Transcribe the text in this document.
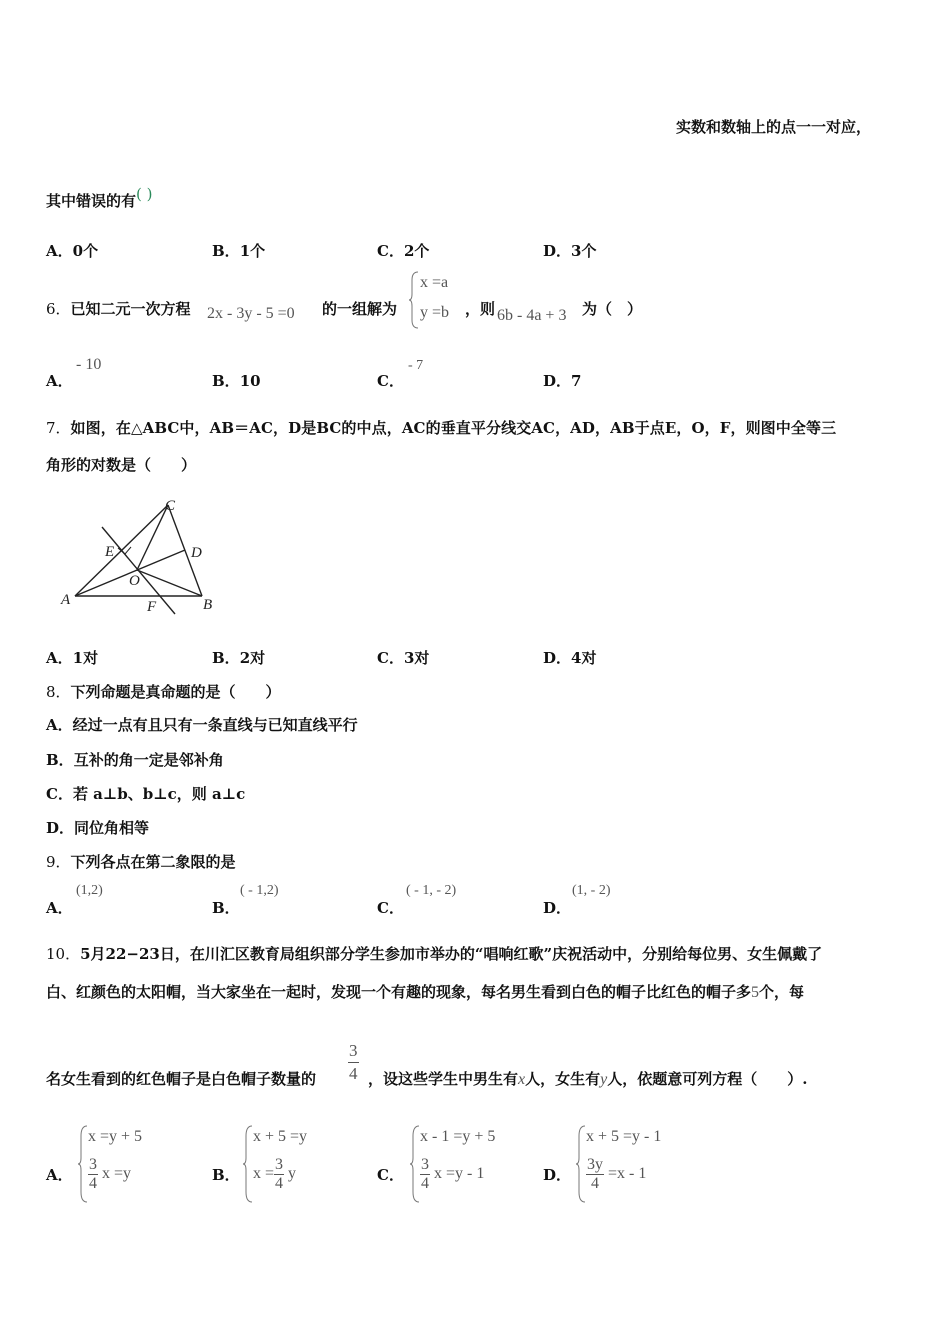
实数和数轴上的点一一对应，
其中错误的有( )
A．0个	B．1个	C．2个	D．3个
6．已知二元一次方程 2x - 3y - 5 =0 的一组解为
x =a
y =b ，则 6b - 4a + 3 为（　）
A．
- 10
B．10	C．
- 7
D．7
7．如图，在△ABC中，AB＝AC，D是BC的中点，AC的垂直平分线交AC，AD，AB于点E，O，F，则图中全等三
角形的对数是（　　）
A	B
C
D
E
O
F
A．1对	B．2对	C．3对	D．4对
8．下列命题是真命题的是（　　）
A．经过一点有且只有一条直线与已知直线平行
B．互补的角一定是邻补角
C．若 a⊥b、b⊥c，则 a⊥c
D．同位角相等
9．下列各点在第二象限的是
A．
(1,2)
B．
( - 1,2)
C．
( - 1, - 2)
D．
(1, - 2)
10．5月22−23日，在川汇区教育局组织部分学生参加市举办的“唱响红歌”庆祝活动中，分别给每位男、女生佩戴了
白、红颜色的太阳帽，当大家坐在一起时，发现一个有趣的现象，每名男生看到白色的帽子比红色的帽子多5个，每
名女生看到的红色帽子是白色帽子数量的 $\frac{3}{4}$ ，设这些学生中男生有x人，女生有y人，依题意可列方程（　　）.
A．
x =y + 5
$\frac{3}{4}$ x =y	B．
x + 5 =y
$x = \frac{3}{4}$ y	C．
x - 1 =y + 5
$\frac{3}{4}$ x =y - 1	D．
x + 5 =y - 1
$\frac{3y}{4} =x - 1$
